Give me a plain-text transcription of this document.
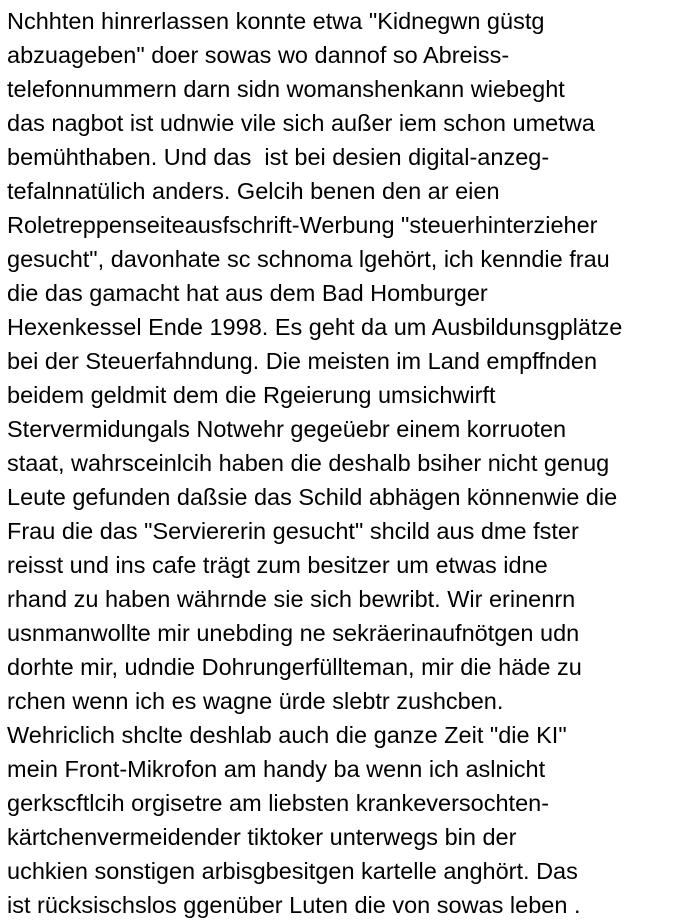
Nchhten hinrerlassen konnte etwa "Kidnegwn güstg
abzuageben" doer sowas wo dannof so Abreiss-
telefonnummern darn sidn womanshenkann wiebeght
das nagbot ist udnwie vile sich außer iem schon umetwa
bemühthaben. Und das  ist bei desien digital-anzeg-
tefalnnatülich anders. Gelcih benen den ar eien
Roletreppenseiteausfschrift-Werbung "steuerhinterzieher
gesucht", davonhate sc schnoma lgehört, ich kenndie frau
die das gamacht hat aus dem Bad Homburger
Hexenkessel Ende 1998. Es geht da um Ausbildunsgplätze
bei der Steuerfahndung. Die meisten im Land empffnden
beidem geldmit dem die Rgeierung umsichwirft
Stervermidungals Notwehr gegeüebr einem korruoten
staat, wahrsceinlcih haben die deshalb bsiher nicht genug
Leute gefunden daßsie das Schild abhägen könnenwie die
Frau die das "Serviererin gesucht" shcild aus dme fster
reisst und ins cafe trägt zum besitzer um etwas idne
rhand zu haben währnde sie sich bewribt. Wir erinenrn
usnmanwollte mir unebding ne sekräerinaufnötgen udn
dorhte mir, udndie Dohrungerfüllteman, mir die häde zu
rchen wenn ich es wagne ürde slebtr zushcben.
Wehriclich shclte deshlab auch die ganze Zeit "die KI"
mein Front-Mikrofon am handy ba wenn ich aslnicht
gerkscftlcih orgisetre am liebsten krankeversochten-
kärtchenvermeidender tiktoker unterwegs bin der
uchkien sonstigen arbisgbesitgen kartelle anghört. Das
ist rücksischslos ggenüber Luten die von sowas leben .
